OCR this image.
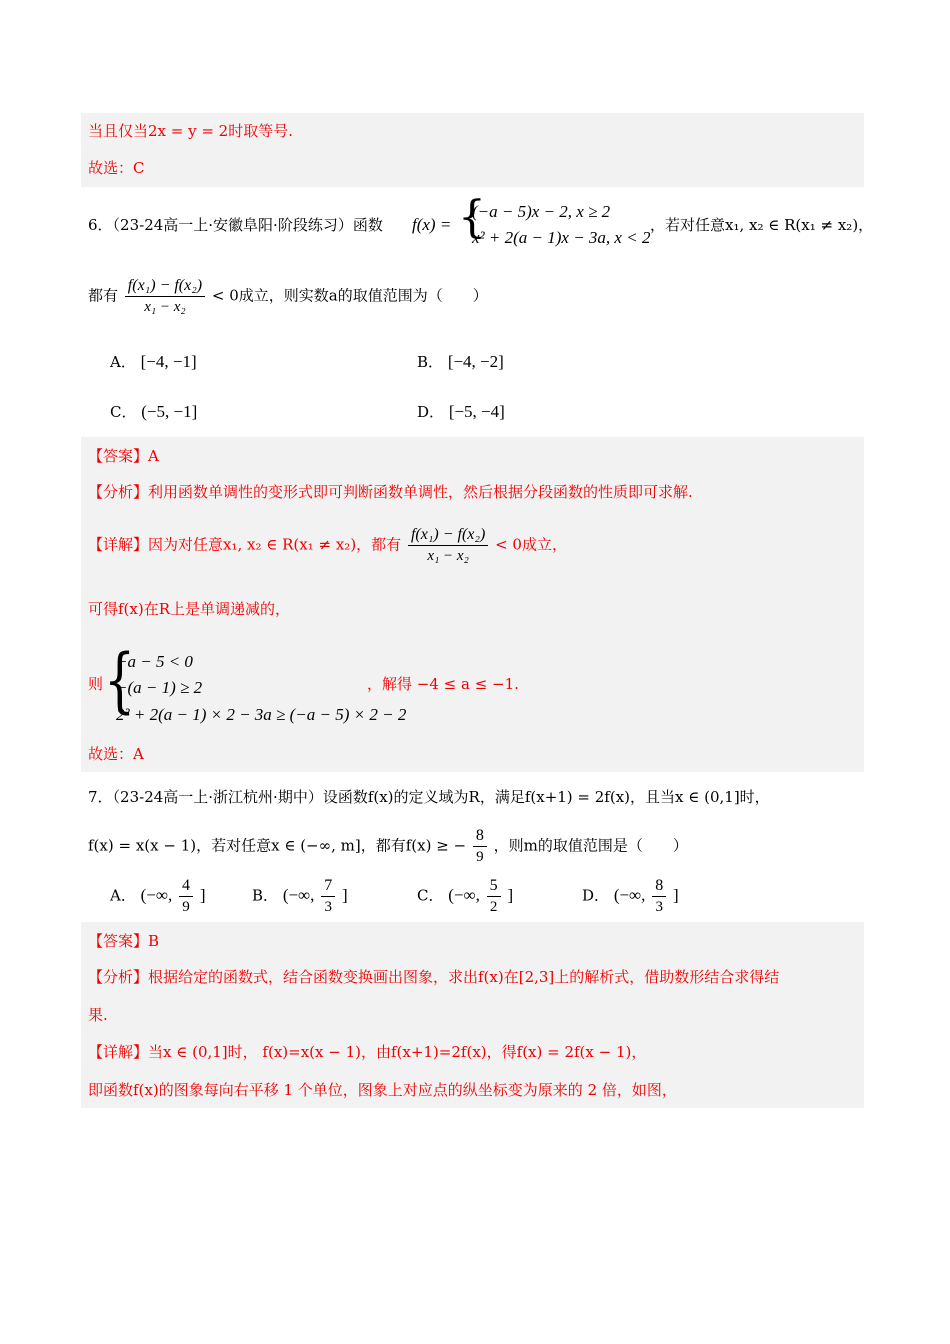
当且仅当2x = y = 2时取等号.
故选：C
6．（23-24高一上·安徽阜阳·阶段练习）函数 f(x) = {
(−a − 5)x − 2, x ≥ 2
x² + 2(a − 1)x − 3a, x < 2
，若对任意x₁, x₂ ∈ R(x₁ ≠ x₂)，
都有 $\frac{\text{f(x₁) − f(x₂)}}{\text{x₁ − x₂}} < 0$成立，则实数a的取值范围为（　　）
A． [−4, −1]	B． [−4, −2]
C． (−5, −1]	D． [−5, −4]
【答案】A
【分析】利用函数单调性的变形式即可判断函数单调性，然后根据分段函数的性质即可求解.
【详解】因为对任意x₁, x₂ ∈ R(x₁ ≠ x₂)，都有 $\frac{\text{f(x₁) − f(x₂)}}{\text{x₁ − x₂}} < 0$成立，
可得f(x)在R上是单调递减的，
则 {
−a − 5 < 0
−(a − 1) ≥ 2
2² + 2(a − 1) × 2 − 3a ≥ (−a − 5) × 2 − 2
，解得 −4 ≤ a ≤ −1.
故选：A
7．（23-24高一上·浙江杭州·期中）设函数f(x)的定义域为R，满足f(x+1) = 2f(x)，且当x ∈ (0,1]时，
f(x) = x(x − 1)，若对任意x ∈ (−∞, m]，都有f(x) ≥ − $\frac{8}{9}$ ，则m的取值范围是（　　）
A． (−∞, $\frac{4}{9}$ ]	B． (−∞, $\frac{7}{3}$ ]	C． (−∞, $\frac{5}{2}$ ]	D． (−∞, $\frac{8}{3}$ ]
【答案】B
【分析】根据给定的函数式，结合函数变换画出图象，求出f(x)在[2,3]上的解析式，借助数形结合求得结
果.
【详解】当x ∈ (0,1]时， f(x)=x(x − 1)，由f(x+1)=2f(x)，得f(x) = 2f(x − 1)，
即函数f(x)的图象每向右平移 1 个单位，图象上对应点的纵坐标变为原来的 2 倍，如图，
